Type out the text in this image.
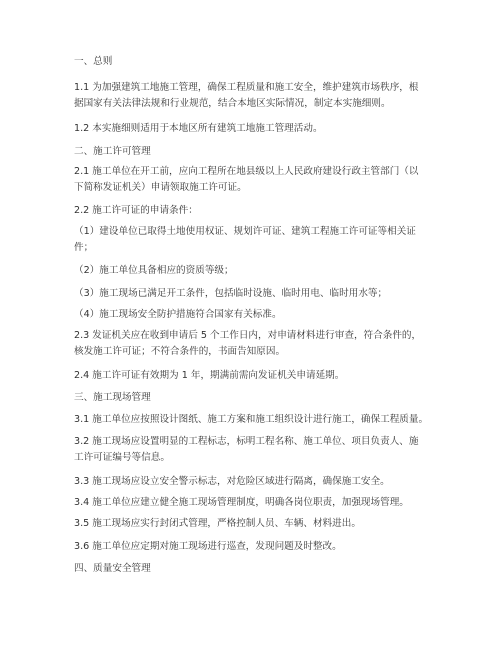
一、总则

1.1 为加强建筑工地施工管理，确保工程质量和施工安全，维护建筑市场秩序，根
据国家有关法律法规和行业规范，结合本地区实际情况，制定本实施细则。

1.2 本实施细则适用于本地区所有建筑工地施工管理活动。

二、施工许可管理

2.1 施工单位在开工前，应向工程所在地县级以上人民政府建设行政主管部门（以
下简称发证机关）申请领取施工许可证。

2.2 施工许可证的申请条件：

（1）建设单位已取得土地使用权证、规划许可证、建筑工程施工许可证等相关证
件；

（2）施工单位具备相应的资质等级；

（3）施工现场已满足开工条件，包括临时设施、临时用电、临时用水等；

（4）施工现场安全防护措施符合国家有关标准。

2.3 发证机关应在收到申请后 5 个工作日内，对申请材料进行审查，符合条件的，
核发施工许可证；不符合条件的，书面告知原因。

2.4 施工许可证有效期为 1 年，期满前需向发证机关申请延期。

三、施工现场管理

3.1 施工单位应按照设计图纸、施工方案和施工组织设计进行施工，确保工程质量。

3.2 施工现场应设置明显的工程标志，标明工程名称、施工单位、项目负责人、施
工许可证编号等信息。

3.3 施工现场应设立安全警示标志，对危险区域进行隔离，确保施工安全。

3.4 施工单位应建立健全施工现场管理制度，明确各岗位职责，加强现场管理。

3.5 施工现场应实行封闭式管理，严格控制人员、车辆、材料进出。

3.6 施工单位应定期对施工现场进行巡查，发现问题及时整改。

四、质量安全管理
